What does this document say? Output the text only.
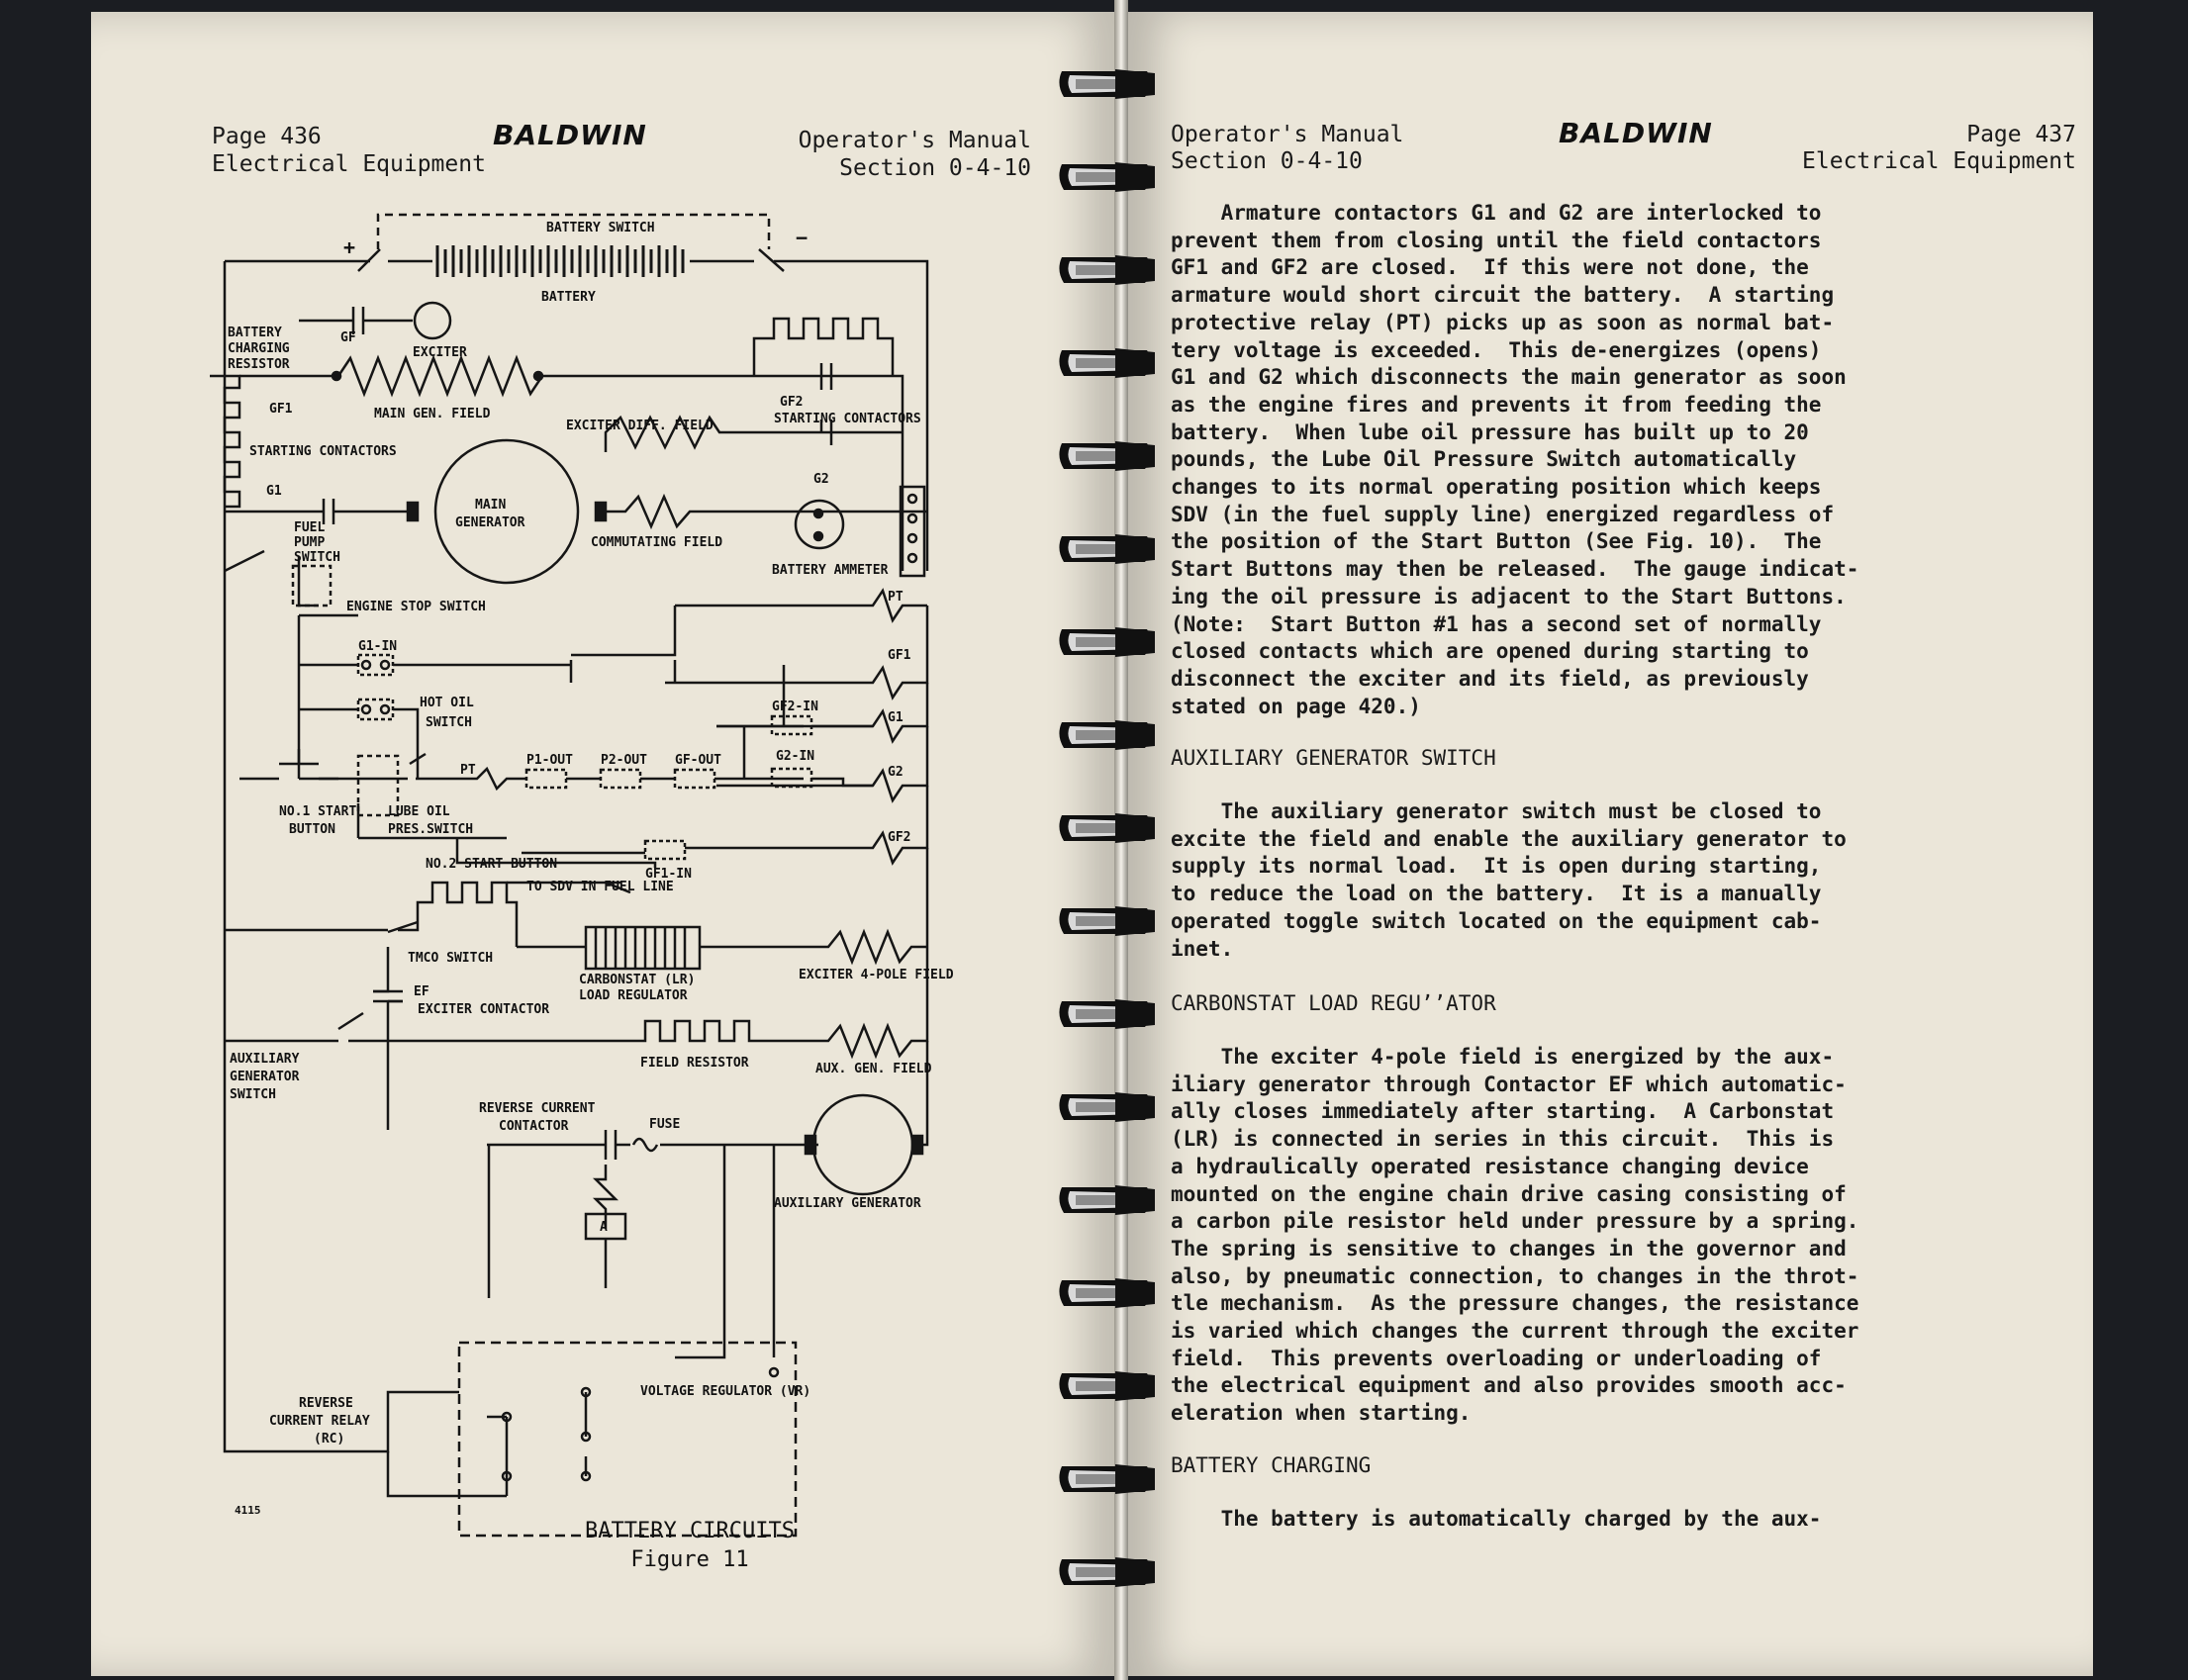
Page 436
Electrical Equipment
BALDWIN	Operator's Manual
Section 0-4-10
BATTERY SWITCH
BATTERY
+	−
BATTERY
CHARGING
RESISTOR
GF
EXCITER
GF1	MAIN GEN. FIELD
GF2
STARTING CONTACTORS
STARTING CONTACTORS
EXCITER DIFF. FIELD
G2
G1
MAIN
GENERATOR
FUEL
PUMP
SWITCH
COMMUTATING FIELD
BATTERY AMMETER
PT
ENGINE STOP SWITCH
G1-IN
GF1
HOT OIL
SWITCH
GF2-IN
G1
G2-IN
G2
NO.1 START
BUTTON
LUBE OIL
PRES.SWITCH
PT
P1-OUT P2-OUT GF-OUT
GF2
NO.2 START BUTTON
GF1-IN
TO SDV IN FUEL LINE
TMCO SWITCH
CARBONSTAT (LR)
LOAD REGULATOR
EXCITER 4-POLE FIELD
EF
EXCITER CONTACTOR
AUXILIARY
GENERATOR
SWITCH
FIELD RESISTOR	AUX. GEN. FIELD
REVERSE CURRENT
CONTACTOR	FUSE
A
AUXILIARY GENERATOR
REVERSE
CURRENT RELAY
(RC)
VOLTAGE REGULATOR (VR)
4115
BATTERY CIRCUITS
Figure 11
Operator's Manual
Section 0-4-10
BALDWIN	Page 437
Electrical Equipment
Armature contactors G1 and G2 are interlocked to
prevent them from closing until the field contactors
GF1 and GF2 are closed.  If this were not done, the
armature would short circuit the battery.  A starting
protective relay (PT) picks up as soon as normal bat-
tery voltage is exceeded.  This de-energizes (opens)
G1 and G2 which disconnects the main generator as soon
as the engine fires and prevents it from feeding the
battery.  When lube oil pressure has built up to 20
pounds, the Lube Oil Pressure Switch automatically
changes to its normal operating position which keeps
SDV (in the fuel supply line) energized regardless of
the position of the Start Button (See Fig. 10).  The
Start Buttons may then be released.  The gauge indicat-
ing the oil pressure is adjacent to the Start Buttons.
(Note:  Start Button #1 has a second set of normally
closed contacts which are opened during starting to
disconnect the exciter and its field, as previously
stated on page 420.)
AUXILIARY GENERATOR SWITCH
The auxiliary generator switch must be closed to
excite the field and enable the auxiliary generator to
supply its normal load.  It is open during starting,
to reduce the load on the battery.  It is a manually
operated toggle switch located on the equipment cab-
inet.
CARBONSTAT LOAD REGUʼʼATOR
The exciter 4-pole field is energized by the aux-
iliary generator through Contactor EF which automatic-
ally closes immediately after starting.  A Carbonstat
(LR) is connected in series in this circuit.  This is
a hydraulically operated resistance changing device
mounted on the engine chain drive casing consisting of
a carbon pile resistor held under pressure by a spring.
The spring is sensitive to changes in the governor and
also, by pneumatic connection, to changes in the throt-
tle mechanism.  As the pressure changes, the resistance
is varied which changes the current through the exciter
field.  This prevents overloading or underloading of
the electrical equipment and also provides smooth acc-
eleration when starting.
BATTERY CHARGING
The battery is automatically charged by the aux-
